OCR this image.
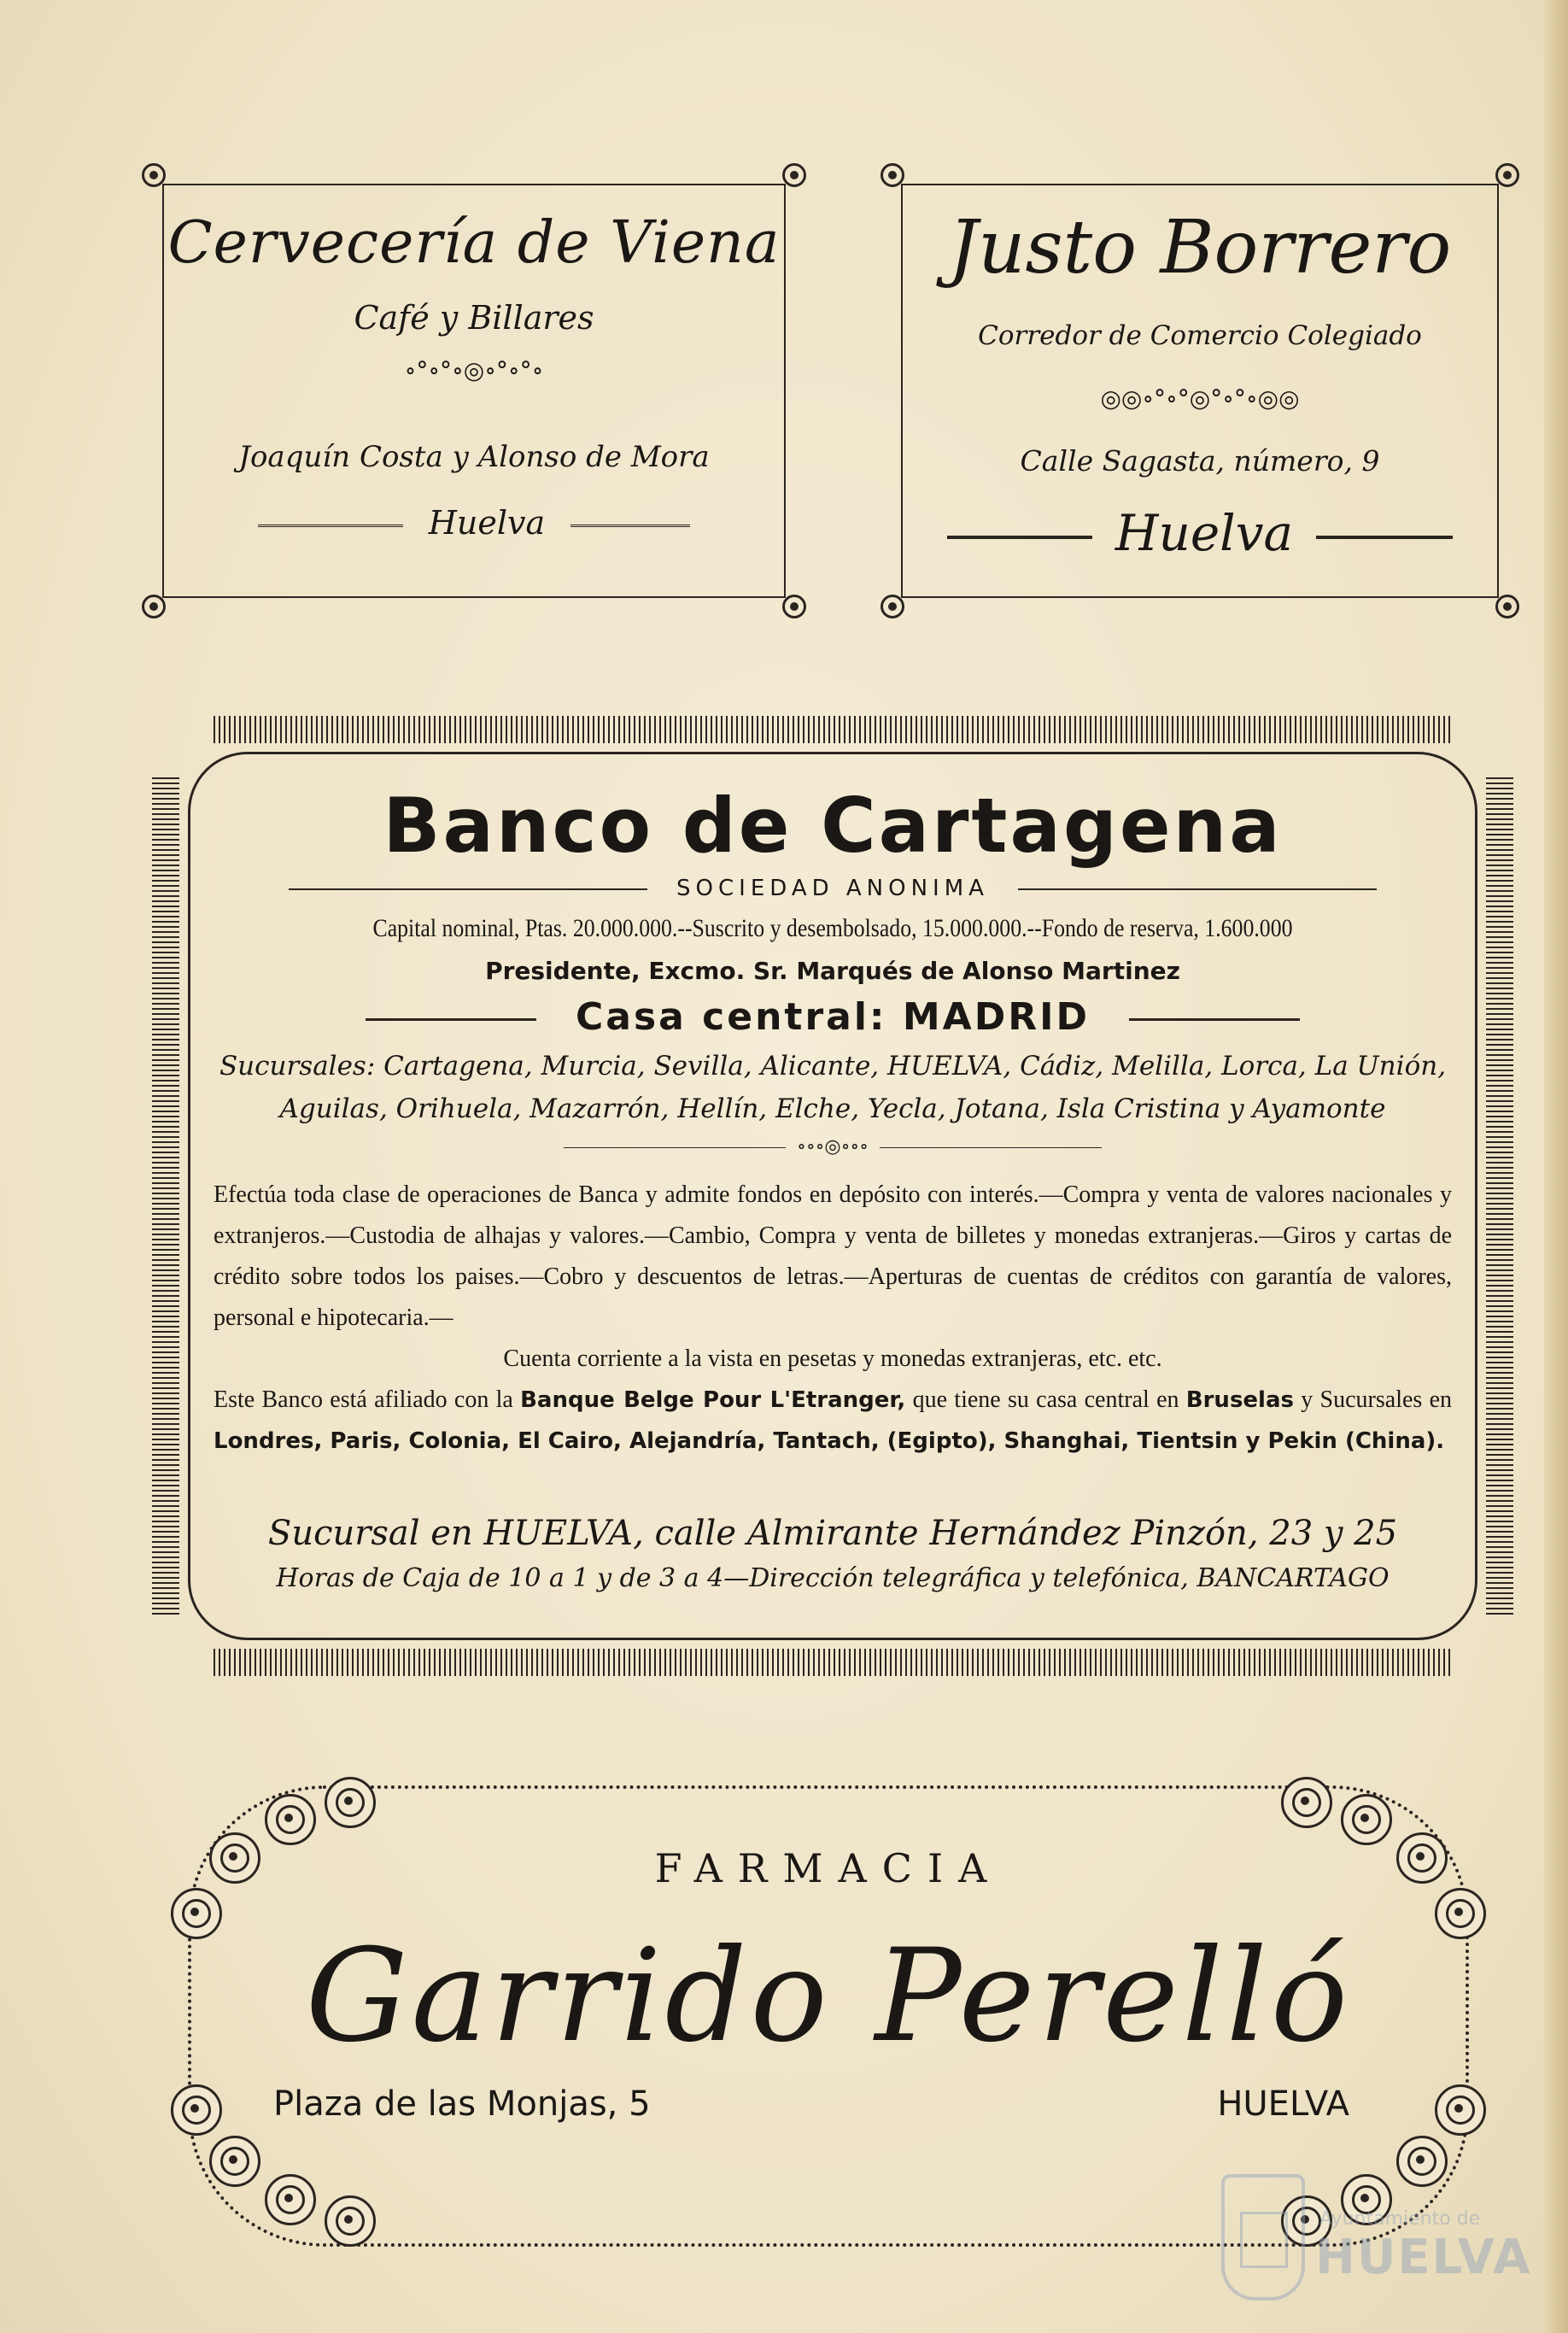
Cervecería de Viena
Café y Billares
∘°∘°∘◎∘°∘°∘
Joaquín Costa y Alonso de Mora
Huelva
Justo Borrero
Corredor de Comercio Colegiado
◎◎∘°∘°◎°∘°∘◎◎
Calle Sagasta, número, 9
Huelva
Banco de Cartagena
SOCIEDAD ANONIMA
Capital nominal, Ptas. 20.000.000.--Suscrito y desembolsado, 15.000.000.--Fondo de reserva, 1.600.000
Presidente, Excmo. Sr. Marqués de Alonso Martinez
Casa central: MADRID
Sucursales: Cartagena, Murcia, Sevilla, Alicante, HUELVA, Cádiz, Melilla, Lorca, La Unión,
Aguilas, Orihuela, Mazarrón, Hellín, Elche, Yecla, Jotana, Isla Cristina y Ayamonte
∘∘∘◎∘∘∘
Efectúa toda clase de operaciones de Banca y admite fondos en depósito con interés.—Compra y venta de valores nacionales y extranjeros.—Custodia de alhajas y valores.—Cambio, Compra y venta de billetes y monedas extranjeras.—Giros y cartas de crédito sobre todos los paises.—Cobro y descuentos de letras.—Aperturas de cuentas de créditos con garantía de valores, personal e hipotecaria.—
Cuenta corriente a la vista en pesetas y monedas extranjeras, etc. etc.
Este Banco está afiliado con la Banque Belge Pour L'Etranger, que tiene su casa central en Bruselas y Sucursales en Londres, Paris, Colonia, El Cairo, Alejandría, Tantach, (Egipto), Shanghai, Tientsin y Pekin (China).
Sucursal en HUELVA, calle Almirante Hernández Pinzón, 23 y 25
Horas de Caja de 10 a 1 y de 3 a 4—Dirección telegráfica y telefónica, BANCARTAGO
FARMACIA
Garrido Perelló
Plaza de las Monjas, 5	HUELVA
Ayuntamiento de
HUELVA
